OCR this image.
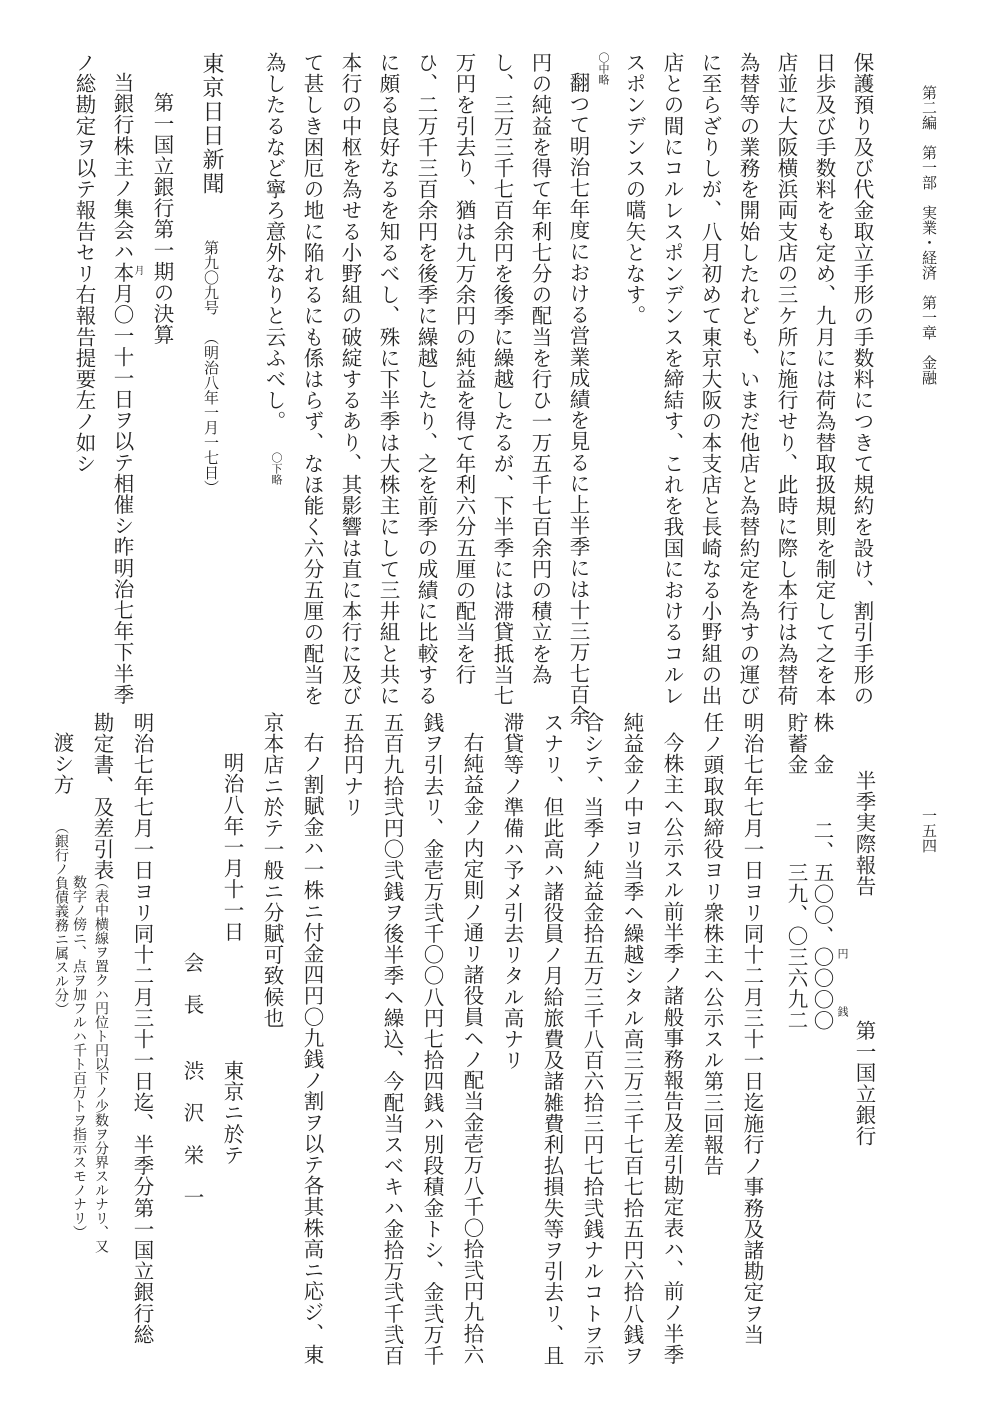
第二編　第一部　実業・経済　第一章　金融
一五四

保護預り及び代金取立手形の手数料につきて規約を設け、割引手形の

日歩及び手数料をも定め、九月には荷為替取扱規則を制定して之を本

店並に大阪横浜両支店の三ケ所に施行せり、此時に際し本行は為替荷

為替等の業務を開始したれども、いまだ他店と為替約定を為すの運び

に至らざりしが、八月初めて東京大阪の本支店と長崎なる小野組の出

店との間にコルレスポンデンスを締結す、これを我国におけるコルレ

スポンデンスの嚆矢となす。

〇中略

翻つて明治七年度における営業成績を見るに上半季には十三万七百余

円の純益を得て年利七分の配当を行ひ一万五千七百余円の積立を為

し、三万三千七百余円を後季に繰越したるが、下半季には滞貸抵当七

万円を引去り、猶は九万余円の純益を得て年利六分五厘の配当を行

ひ、二万千三百余円を後季に繰越したり、之を前季の成績に比較する

に頗る良好なるを知るべし、殊に下半季は大株主にして三井組と共に

本行の中枢を為せる小野組の破綻するあり、其影響は直に本行に及び

て甚しき困厄の地に陥れるにも係はらず、なほ能く六分五厘の配当を

為したるなど寧ろ意外なりと云ふべし。

〇下略
東京日日新聞
第九〇九号
（明治八年一月一七日）
第一国立銀行第一期の決算
月

当銀行株主ノ集会ハ本月〇一十一日ヲ以テ相催シ昨明治七年下半季

ノ総勘定ヲ以テ報告セリ右報告提要左ノ如シ

半季実際報告
第一国立銀行
株　金
二、五〇〇、〇〇〇〇 円
銭
貯蓄金
三九、〇三六九二

明治七年七月一日ヨリ同十二月三十一日迄施行ノ事務及諸勘定ヲ当

任ノ頭取取締役ヨリ衆株主ヘ公示スル第三回報告

今株主ヘ公示スル前半季ノ諸般事務報告及差引勘定表ハ、前ノ半季

純益金ノ中ヨリ当季ヘ繰越シタル高三万三千七百七拾五円六拾八銭ヲ

合シテ、当季ノ純益金拾五万三千八百六拾三円七拾弐銭ナルコトヲ示

スナリ、但此高ハ諸役員ノ月給旅費及諸雑費利払損失等ヲ引去リ、且

滞貸等ノ準備ハ予メ引去リタル高ナリ

右純益金ノ内定則ノ通リ諸役員ヘノ配当金壱万八千〇拾弐円九拾六

銭ヲ引去リ、金壱万弐千〇〇八円七拾四銭ハ別段積金トシ、金弐万千

五百九拾弐円〇弐銭ヲ後半季ヘ繰込、今配当スベキハ金拾万弐千弐百

五拾円ナリ

右ノ割賦金ハ一株ニ付金四円〇九銭ノ割ヲ以テ各其株高ニ応ジ、東

京本店ニ於テ一般ニ分賦可致候也

明治八年一月十一日
東京ニ於テ
会　長
渋　沢　栄　一

明治七年七月一日ヨリ同十二月三十一日迄、半季分第一国立銀行総

勘定書、及差引表

（表中横線ヲ置クハ円位ト円以下ノ少数ヲ分界スルナリ、又

渡シ方

（銀行ノ負債義務ニ属スル分） 数字ノ傍ニ、点ヲ加フルハ千ト百万トヲ指示スモノナリ）
